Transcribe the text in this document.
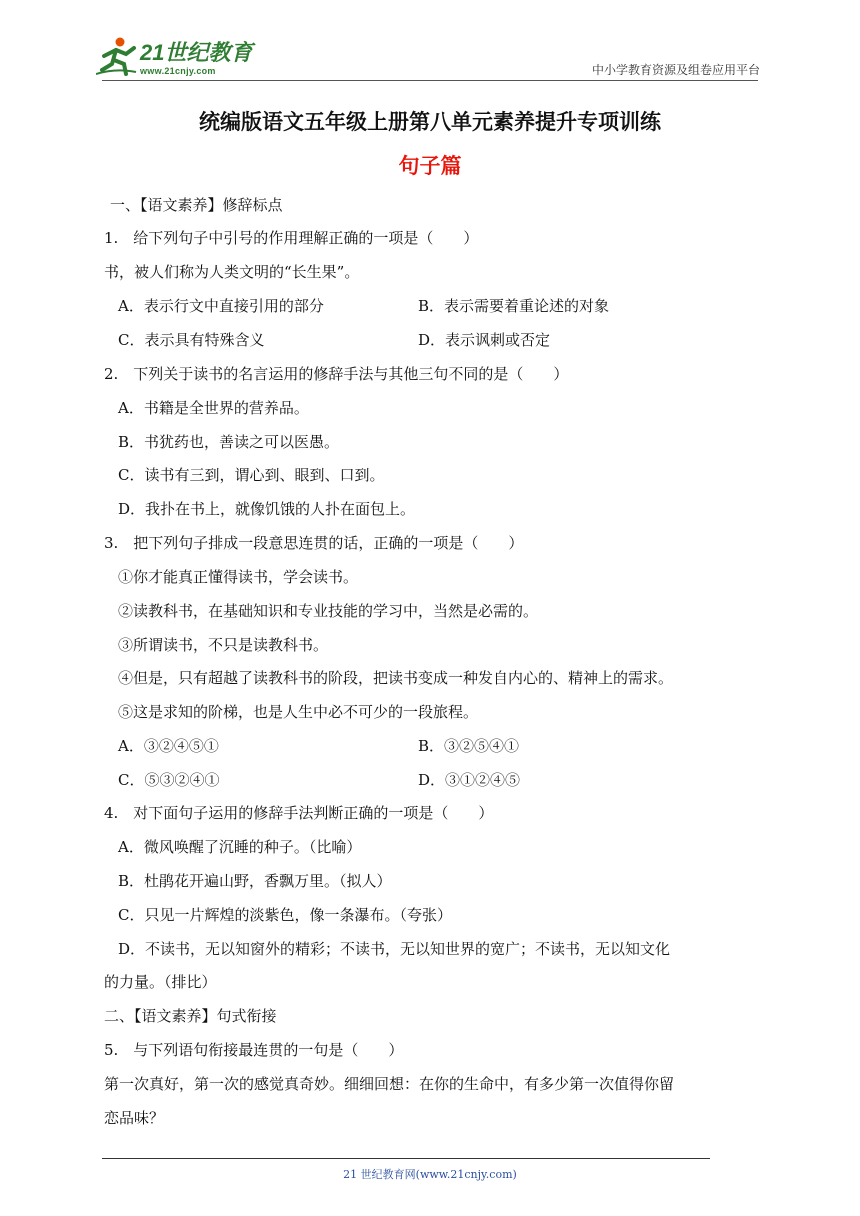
21世纪教育
www.21cnjy.com	中小学教育资源及组卷应用平台
统编版语文五年级上册第八单元素养提升专项训练
句子篇
一、【语文素养】修辞标点
1.　给下列句子中引号的作用理解正确的一项是（　　）
书，被人们称为人类文明的“长生果”。
A．表示行文中直接引用的部分	B．表示需要着重论述的对象
C．表示具有特殊含义	D．表示讽刺或否定
2.　下列关于读书的名言运用的修辞手法与其他三句不同的是（　　）
A．书籍是全世界的营养品。
B．书犹药也，善读之可以医愚。
C．读书有三到，谓心到、眼到、口到。
D．我扑在书上，就像饥饿的人扑在面包上。
3.　把下列句子排成一段意思连贯的话，正确的一项是（　　）
①你才能真正懂得读书，学会读书。
②读教科书，在基础知识和专业技能的学习中，当然是必需的。
③所谓读书，不只是读教科书。
④但是，只有超越了读教科书的阶段，把读书变成一种发自内心的、精神上的需求。
⑤这是求知的阶梯，也是人生中必不可少的一段旅程。
A．③②④⑤①	B．③②⑤④①
C．⑤③②④①	D．③①②④⑤
4.　对下面句子运用的修辞手法判断正确的一项是（　　）
A．微风唤醒了沉睡的种子。（比喻）
B．杜鹃花开遍山野，香飘万里。（拟人）
C．只见一片辉煌的淡紫色，像一条瀑布。（夸张）
D．不读书，无以知窗外的精彩；不读书，无以知世界的宽广；不读书，无以知文化
的力量。（排比）
二、【语文素养】句式衔接
5.　与下列语句衔接最连贯的一句是（　　）
第一次真好，第一次的感觉真奇妙。细细回想：在你的生命中，有多少第一次值得你留
恋品味？
21 世纪教育网(www.21cnjy.com)
